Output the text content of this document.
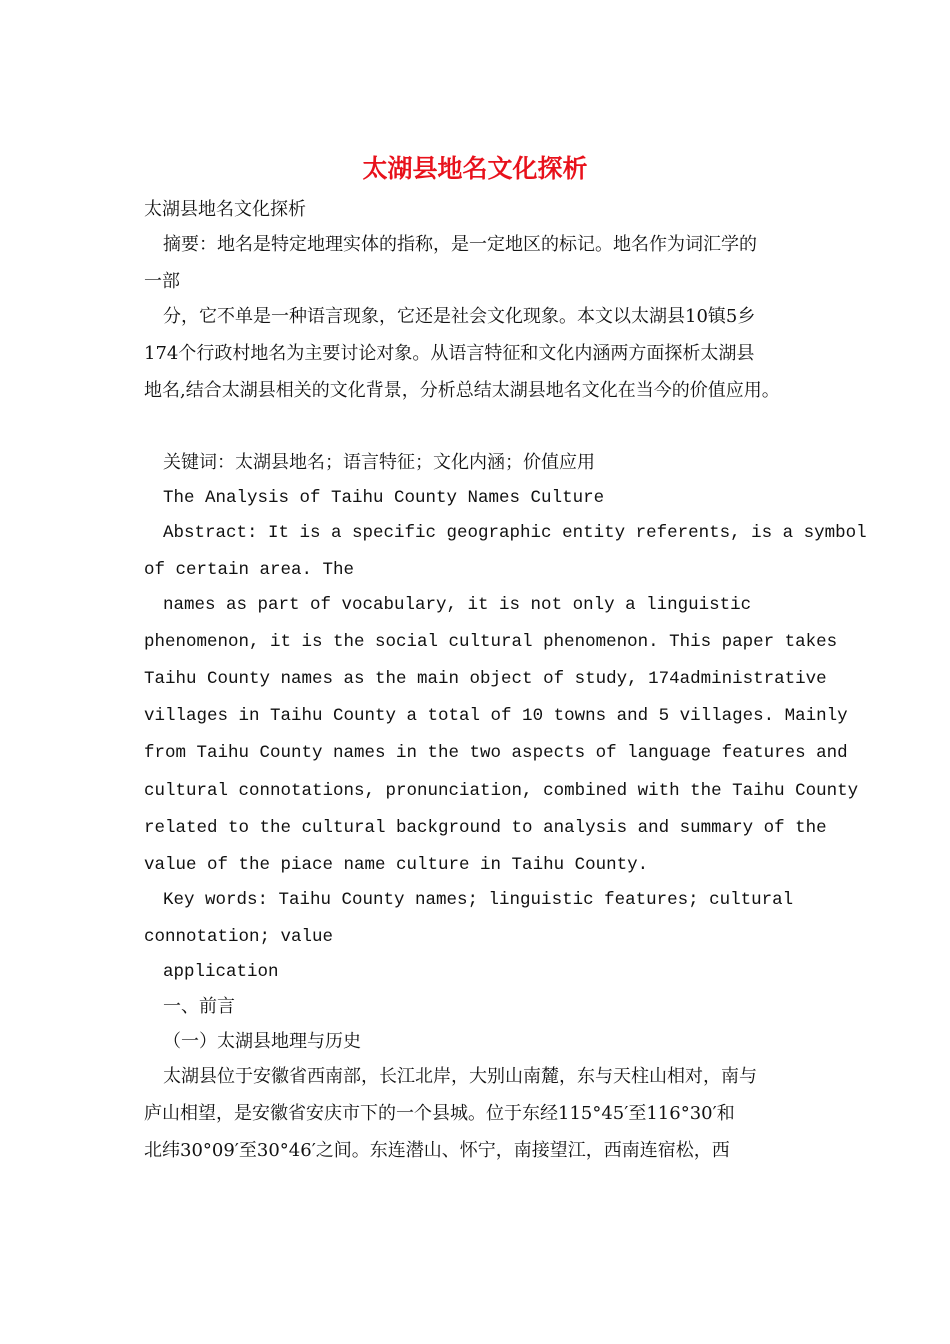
太湖县地名文化探析

太湖县地名文化探析

摘要：地名是特定地理实体的指称，是一定地区的标记。地名作为词汇学的

一部

分，它不单是一种语言现象，它还是社会文化现象。本文以太湖县10镇5乡

174个行政村地名为主要讨论对象。从语言特征和文化内涵两方面探析太湖县

地名,结合太湖县相关的文化背景，分析总结太湖县地名文化在当今的价值应用。

关键词：太湖县地名；语言特征；文化内涵；价值应用

The Analysis of Taihu County Names Culture

Abstract: It is a specific geographic entity referents, is a symbol

of certain area. The

names as part of vocabulary, it is not only a linguistic

phenomenon, it is the social cultural phenomenon. This paper takes

Taihu County names as the main object of study, 174administrative

villages in Taihu County a total of 10 towns and 5 villages. Mainly

from Taihu County names in the two aspects of language features and

cultural connotations, pronunciation, combined with the Taihu County

related to the cultural background to analysis and summary of the

value of the piace name culture in Taihu County.

Key words: Taihu County names; linguistic features; cultural

connotation; value

application

一、前言

（一）太湖县地理与历史

太湖县位于安徽省西南部，长江北岸，大别山南麓，东与天柱山相对，南与

庐山相望，是安徽省安庆市下的一个县城。位于东经115°45′至116°30′和

北纬30°09′至30°46′之间。东连潜山、怀宁，南接望江，西南连宿松，西
